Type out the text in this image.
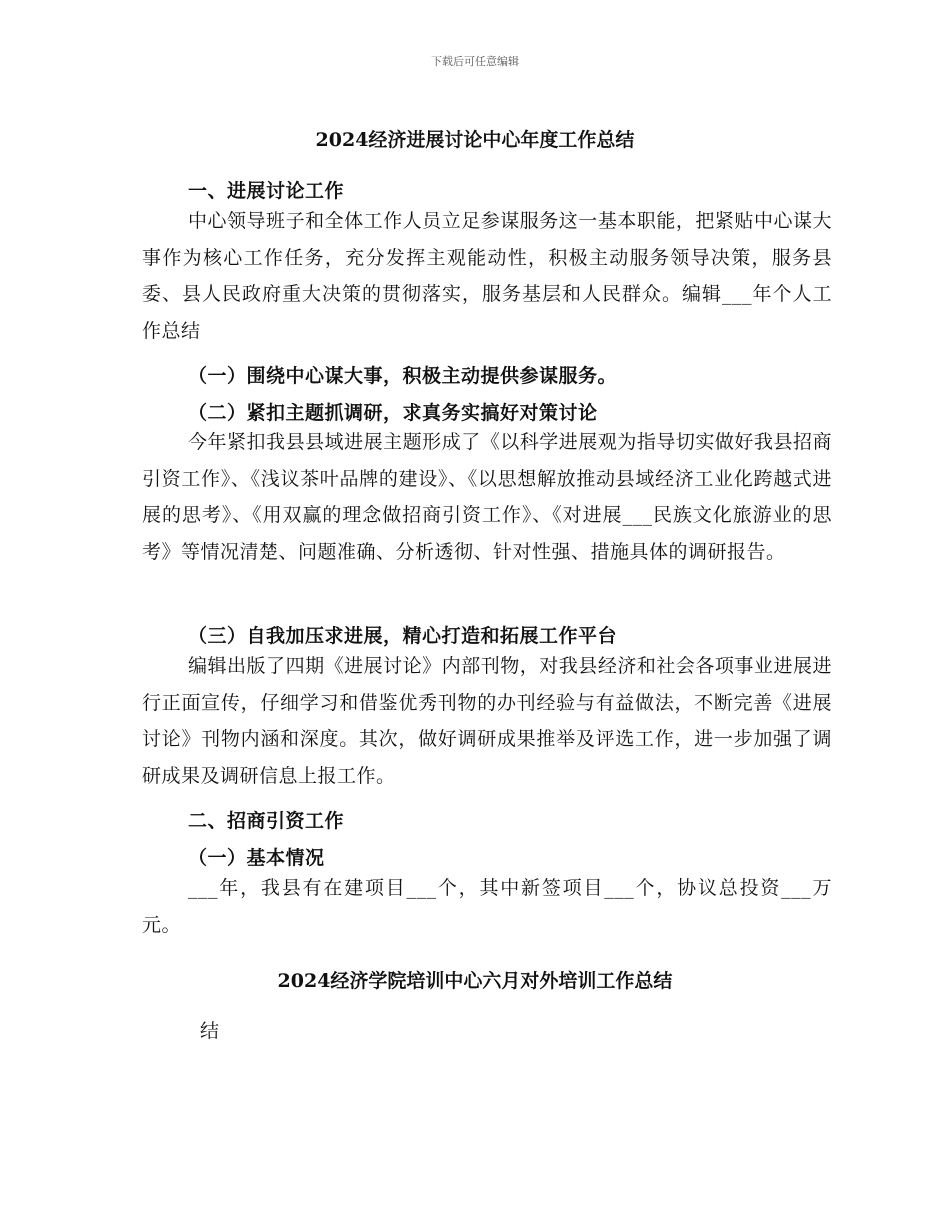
下载后可任意编辑
2024经济进展讨论中心年度工作总结
一、进展讨论工作

中心领导班子和全体工作人员立足参谋服务这一基本职能，把紧贴中心谋大事作为核心工作任务，充分发挥主观能动性，积极主动服务领导决策，服务县委、县人民政府重大决策的贯彻落实，服务基层和人民群众。编辑___年个人工作总结

（一）围绕中心谋大事，积极主动提供参谋服务。
（二）紧扣主题抓调研，求真务实搞好对策讨论

今年紧扣我县县域进展主题形成了《以科学进展观为指导切实做好我县招商引资工作》、《浅议茶叶品牌的建设》、《以思想解放推动县域经济工业化跨越式进展的思考》、《用双赢的理念做招商引资工作》、《对进展___民族文化旅游业的思考》等情况清楚、问题准确、分析透彻、针对性强、措施具体的调研报告。

（三）自我加压求进展，精心打造和拓展工作平台

编辑出版了四期《进展讨论》内部刊物，对我县经济和社会各项事业进展进行正面宣传，仔细学习和借鉴优秀刊物的办刊经验与有益做法，不断完善《进展讨论》刊物内涵和深度。其次，做好调研成果推举及评选工作，进一步加强了调研成果及调研信息上报工作。

二、招商引资工作
（一）基本情况

___年，我县有在建项目___个，其中新签项目___个，协议总投资___万元。

2024经济学院培训中心六月对外培训工作总结
结
